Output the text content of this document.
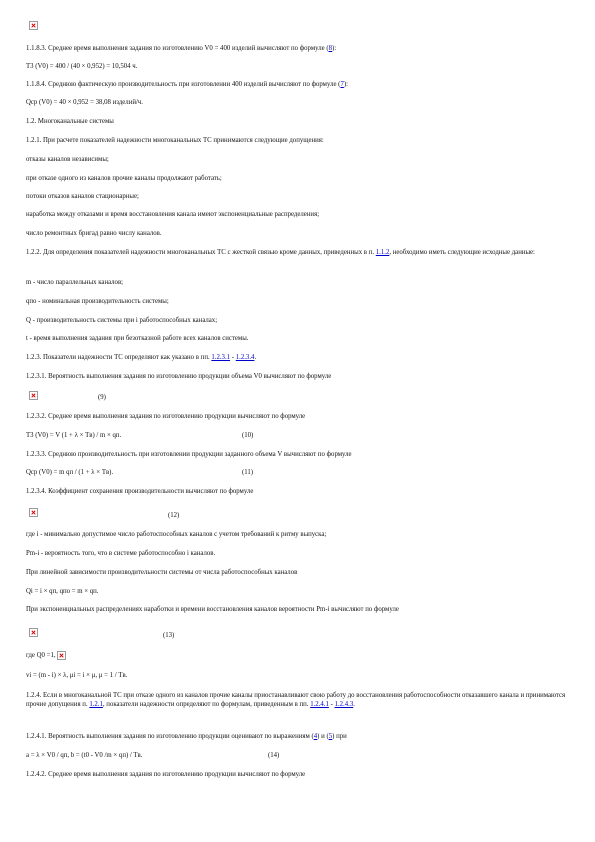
1.1.8.3. Среднее время выполнения задания по изготовлению V0 = 400 изделий вычисляют по формуле (8):
T3 (V0) = 400 / (40 × 0,952) = 10,504 ч.
1.1.8.4. Среднюю фактическую производительность при изготовлении 400 изделий вычисляют по формуле (7):
Qcp (V0) = 40 × 0,952 = 38,08 изделий/ч.
1.2. Многоканальные системы
1.2.1. При расчете показателей надежности многоканальных ТС принимаются следующие допущения:
отказы каналов независимы;
при отказе одного из каналов прочие каналы продолжают работать;
потоки отказов каналов стационарные;
наработка между отказами и время восстановления канала имеют экспоненциальные распределения;
число ремонтных бригад равно числу каналов.
1.2.2. Для определения показателей надежности многоканальных ТС с жесткой связью кроме данных, приведенных в п. 1.1.2, необходимо иметь следующие исходные данные:
m - число параллельных каналов;
qпо - номинальная производительность системы;
Q - производительность системы при i работоспособных каналах;
t - время выполнения задания при безотказной работе всех каналов системы.
1.2.3. Показатели надежности ТС определяют как указано в пп. 1.2.3.1 - 1.2.3.4.
1.2.3.1. Вероятность выполнения задания по изготовлению продукции объема V0 вычисляют по формуле
(9)
1.2.3.2. Среднее время выполнения задания по изготовлению продукции вычисляют по формуле
T3 (V0) = V (1 + λ × Tв) / m × qп.	(10)
1.2.3.3. Среднюю производительность при изготовлении продукции заданного объема V вычисляют по формуле
Qcp (V0) = m qп / (1 + λ × Tв).	(11)
1.2.3.4. Коэффициент сохранения производительности вычисляют по формуле
(12)
где i - минимально допустимое число работоспособных каналов с учетом требований к ритму выпуска;
Pm-i - вероятность того, что в системе работоспособно i каналов.
При линейной зависимости производительности системы от числа работоспособных каналов
Qi = i × qп, qпо = m × qп.
При экспоненциальных распределениях наработки и времени восстановления каналов вероятности Pm-i вычисляют по формуле
(13)
где Q0 =1,
vi = (m - i) × λ, μi = i × μ, μ = 1 / Tв.
1.2.4. Если в многоканальной ТС при отказе одного из каналов прочие каналы приостанавливают свою работу до восстановления работоспособности отказавшего канала и принимаются прочие допущения п. 1.2.1, показатели надежности определяют по формулам, приведенным в пп. 1.2.4.1 - 1.2.4.3.
1.2.4.1. Вероятность выполнения задания по изготовлению продукции оценивают по выражениям (4) и (5) при
a = λ × V0 / qп, b = (t0 - V0 /m × qп) / Tв.	(14)
1.2.4.2. Среднее время выполнения задания по изготовлению продукции вычисляют по формуле
